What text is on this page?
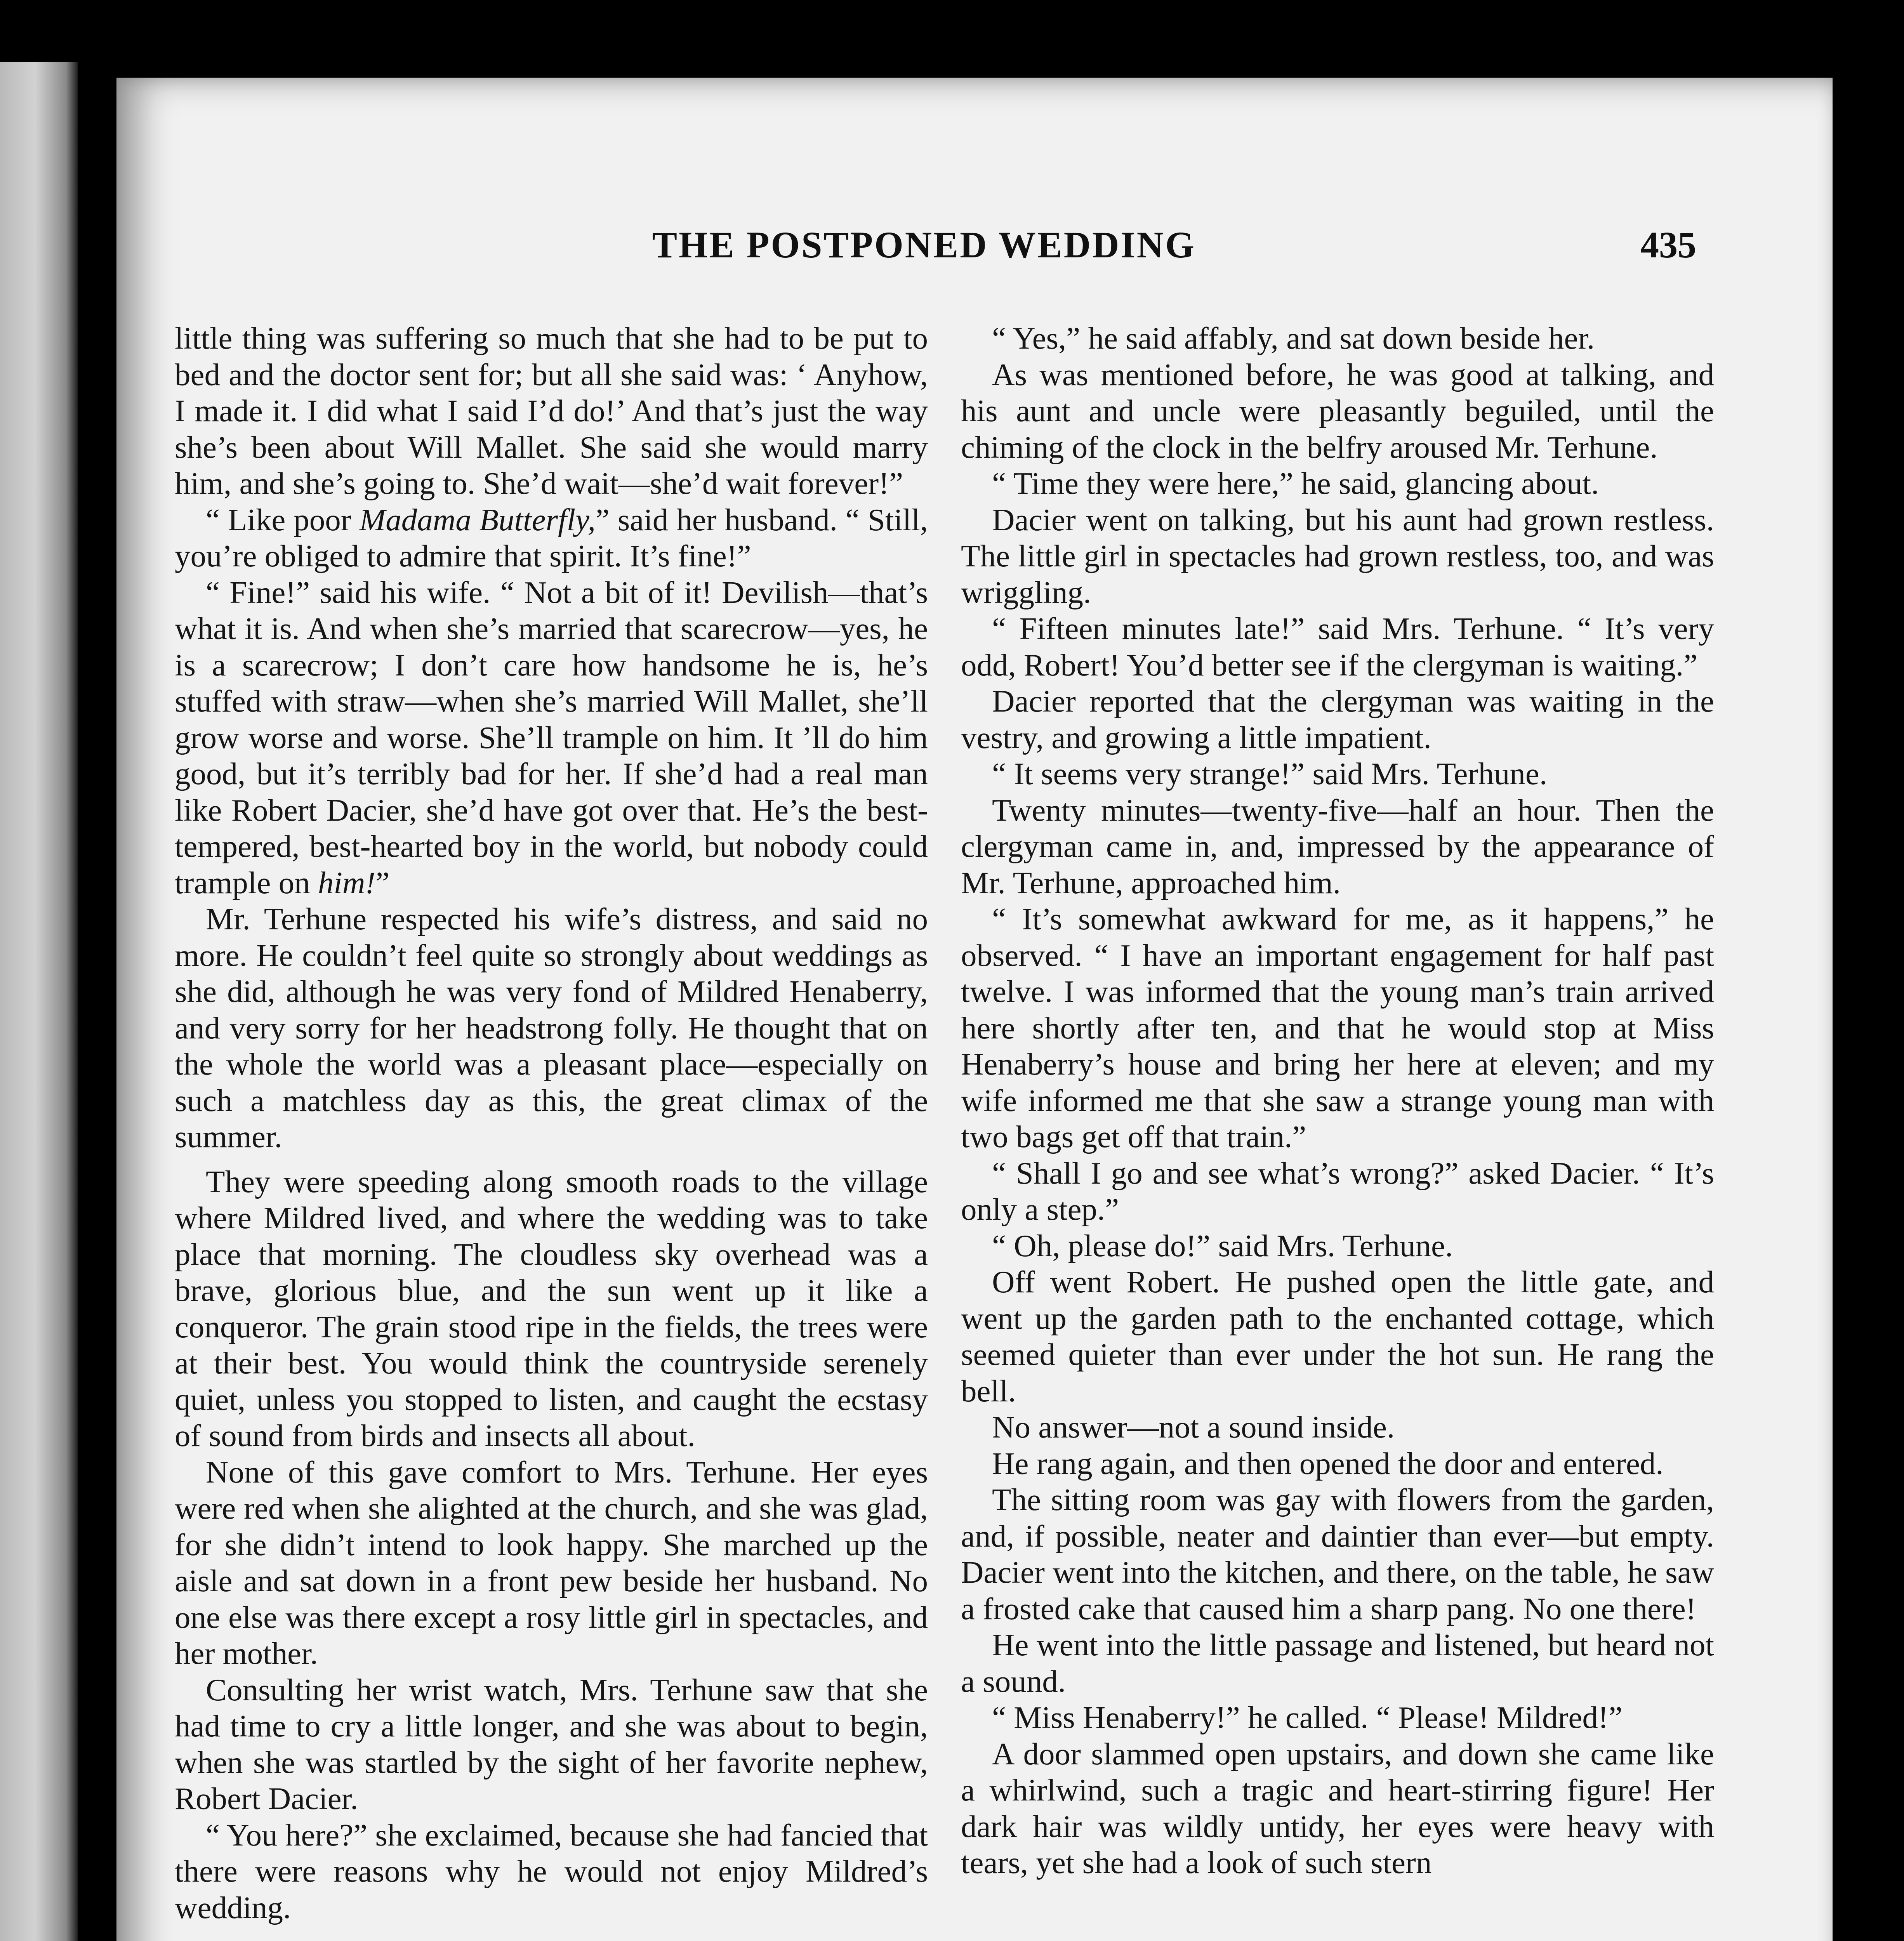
THE POSTPONED WEDDING	435

little thing was suffering so much that she had to be put to bed and the doctor sent for; but all she said was: ‘ Anyhow, I made it. I did what I said I’d do!’ And that’s just the way she’s been about Will Mallet. She said she would marry him, and she’s going to. She’d wait—she’d wait forever!”

“ Like poor Madama Butterfly,” said her husband. “ Still, you’re obliged to admire that spirit. It’s fine!”

“ Fine!” said his wife. “ Not a bit of it! Devilish—that’s what it is. And when she’s married that scarecrow—yes, he is a scarecrow; I don’t care how handsome he is, he’s stuffed with straw—when she’s married Will Mallet, she’ll grow worse and worse. She’ll trample on him. It ’ll do him good, but it’s terribly bad for her. If she’d had a real man like Robert Dacier, she’d have got over that. He’s the best-tempered, best-hearted boy in the world, but nobody could trample on him!”

Mr. Terhune respected his wife’s distress, and said no more. He couldn’t feel quite so strongly about weddings as she did, although he was very fond of Mildred Henaberry, and very sorry for her headstrong folly. He thought that on the whole the world was a pleasant place—especially on such a matchless day as this, the great climax of the summer.

They were speeding along smooth roads to the village where Mildred lived, and where the wedding was to take place that morning. The cloudless sky overhead was a brave, glorious blue, and the sun went up it like a conqueror. The grain stood ripe in the fields, the trees were at their best. You would think the countryside serenely quiet, unless you stopped to listen, and caught the ecstasy of sound from birds and insects all about.

None of this gave comfort to Mrs. Terhune. Her eyes were red when she alighted at the church, and she was glad, for she didn’t intend to look happy. She marched up the aisle and sat down in a front pew beside her husband. No one else was there except a rosy little girl in spectacles, and her mother.

Consulting her wrist watch, Mrs. Terhune saw that she had time to cry a little longer, and she was about to begin, when she was startled by the sight of her favorite nephew, Robert Dacier.

“ You here?” she exclaimed, because she had fancied that there were reasons why he would not enjoy Mildred’s wedding.

“ Yes,” he said affably, and sat down beside her.

As was mentioned before, he was good at talking, and his aunt and uncle were pleasantly beguiled, until the chiming of the clock in the belfry aroused Mr. Terhune.

“ Time they were here,” he said, glancing about.

Dacier went on talking, but his aunt had grown restless. The little girl in spectacles had grown restless, too, and was wriggling.

“ Fifteen minutes late!” said Mrs. Terhune. “ It’s very odd, Robert! You’d better see if the clergyman is waiting.”

Dacier reported that the clergyman was waiting in the vestry, and growing a little impatient.

“ It seems very strange!” said Mrs. Terhune.

Twenty minutes—twenty-five—half an hour. Then the clergyman came in, and, impressed by the appearance of Mr. Terhune, approached him.

“ It’s somewhat awkward for me, as it happens,” he observed. “ I have an important engagement for half past twelve. I was informed that the young man’s train arrived here shortly after ten, and that he would stop at Miss Henaberry’s house and bring her here at eleven; and my wife informed me that she saw a strange young man with two bags get off that train.”

“ Shall I go and see what’s wrong?” asked Dacier. “ It’s only a step.”

“ Oh, please do!” said Mrs. Terhune.

Off went Robert. He pushed open the little gate, and went up the garden path to the enchanted cottage, which seemed quieter than ever under the hot sun. He rang the bell.

No answer—not a sound inside.

He rang again, and then opened the door and entered.

The sitting room was gay with flowers from the garden, and, if possible, neater and daintier than ever—but empty. Dacier went into the kitchen, and there, on the table, he saw a frosted cake that caused him a sharp pang. No one there!

He went into the little passage and listened, but heard not a sound.

“ Miss Henaberry!” he called. “ Please! Mildred!”

A door slammed open upstairs, and down she came like a whirlwind, such a tragic and heart-stirring figure! Her dark hair was wildly untidy, her eyes were heavy with tears, yet she had a look of such stern
